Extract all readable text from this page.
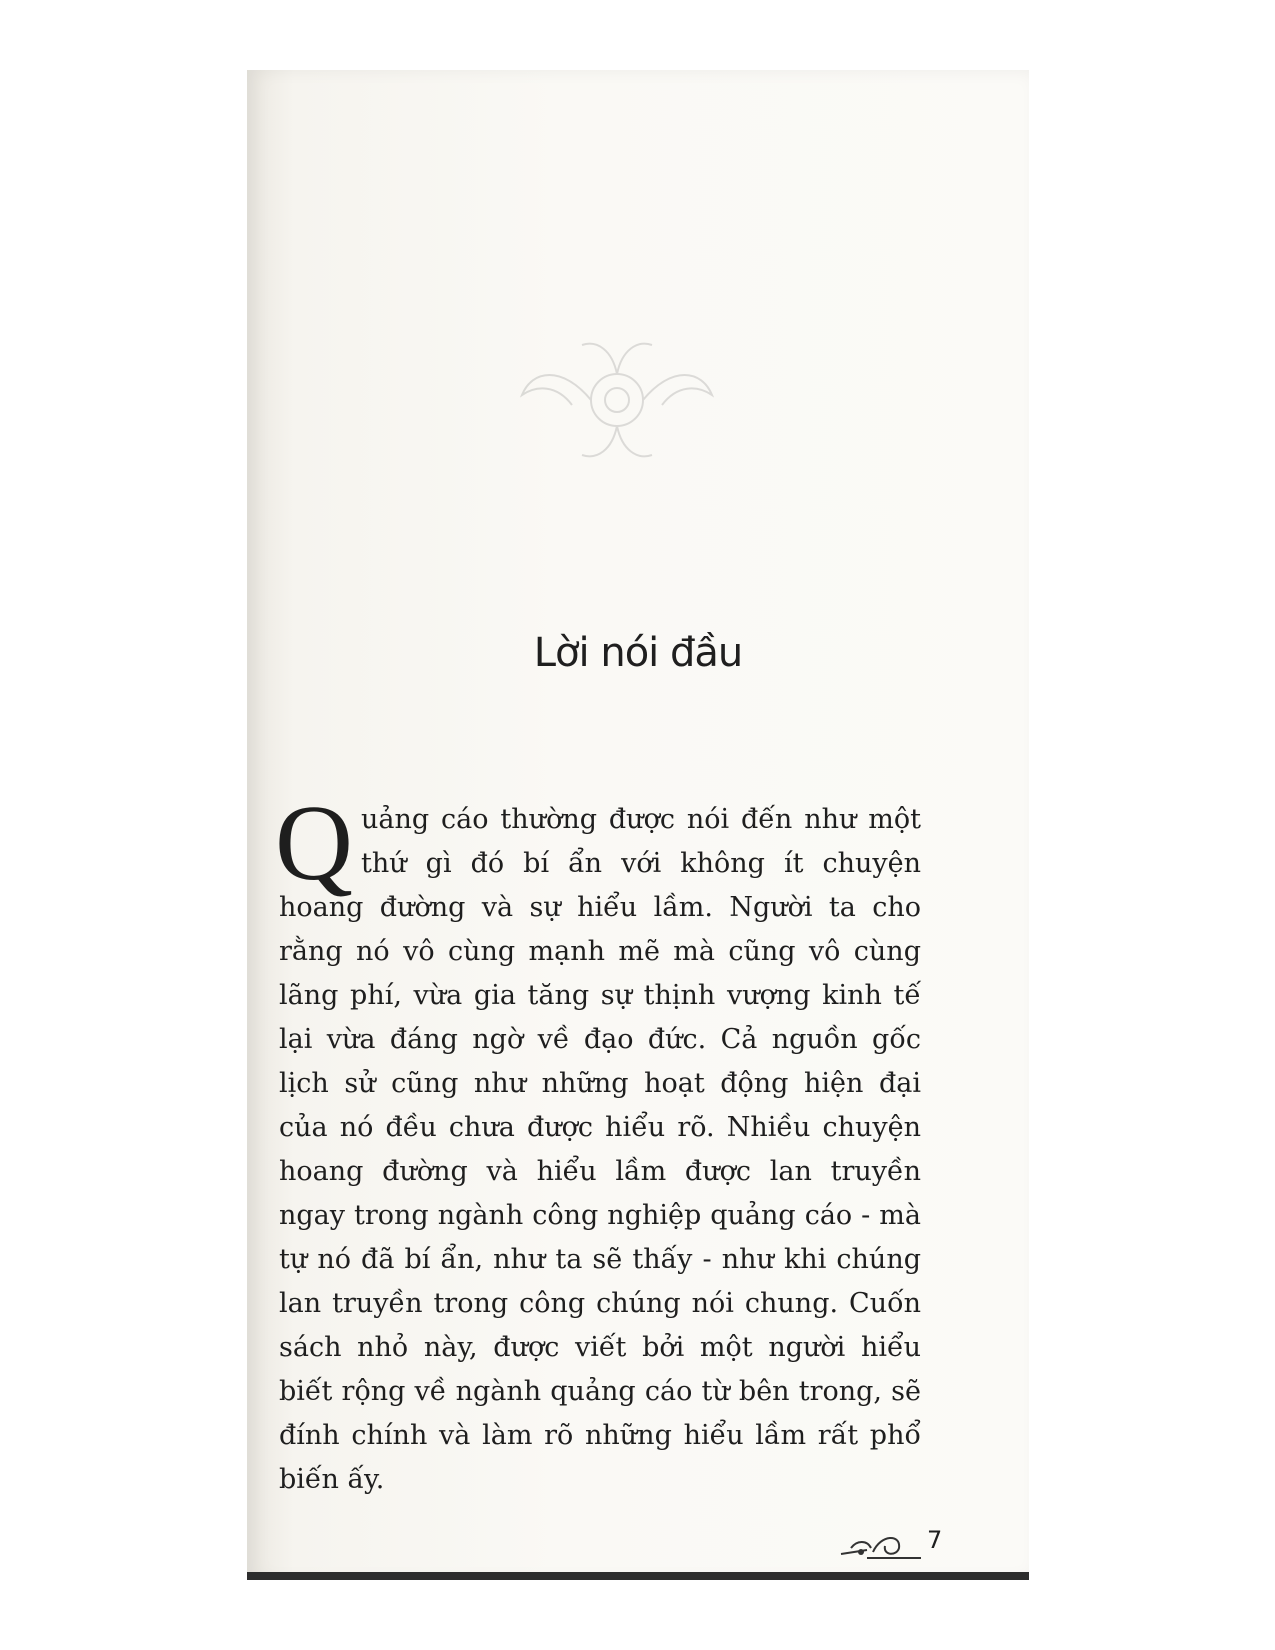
Lời nói đầu

Quảng cáo thường được nói đến như một thứ gì đó bí ẩn với không ít chuyện hoang đường và sự hiểu lầm. Người ta cho rằng nó vô cùng mạnh mẽ mà cũng vô cùng lãng phí, vừa gia tăng sự thịnh vượng kinh tế lại vừa đáng ngờ về đạo đức. Cả nguồn gốc lịch sử cũng như những hoạt động hiện đại của nó đều chưa được hiểu rõ. Nhiều chuyện hoang đường và hiểu lầm được lan truyền ngay trong ngành công nghiệp quảng cáo - mà tự nó đã bí ẩn, như ta sẽ thấy - như khi chúng lan truyền trong công chúng nói chung. Cuốn sách nhỏ này, được viết bởi một người hiểu biết rộng về ngành quảng cáo từ bên trong, sẽ đính chính và làm rõ những hiểu lầm rất phổ biến ấy.

7
